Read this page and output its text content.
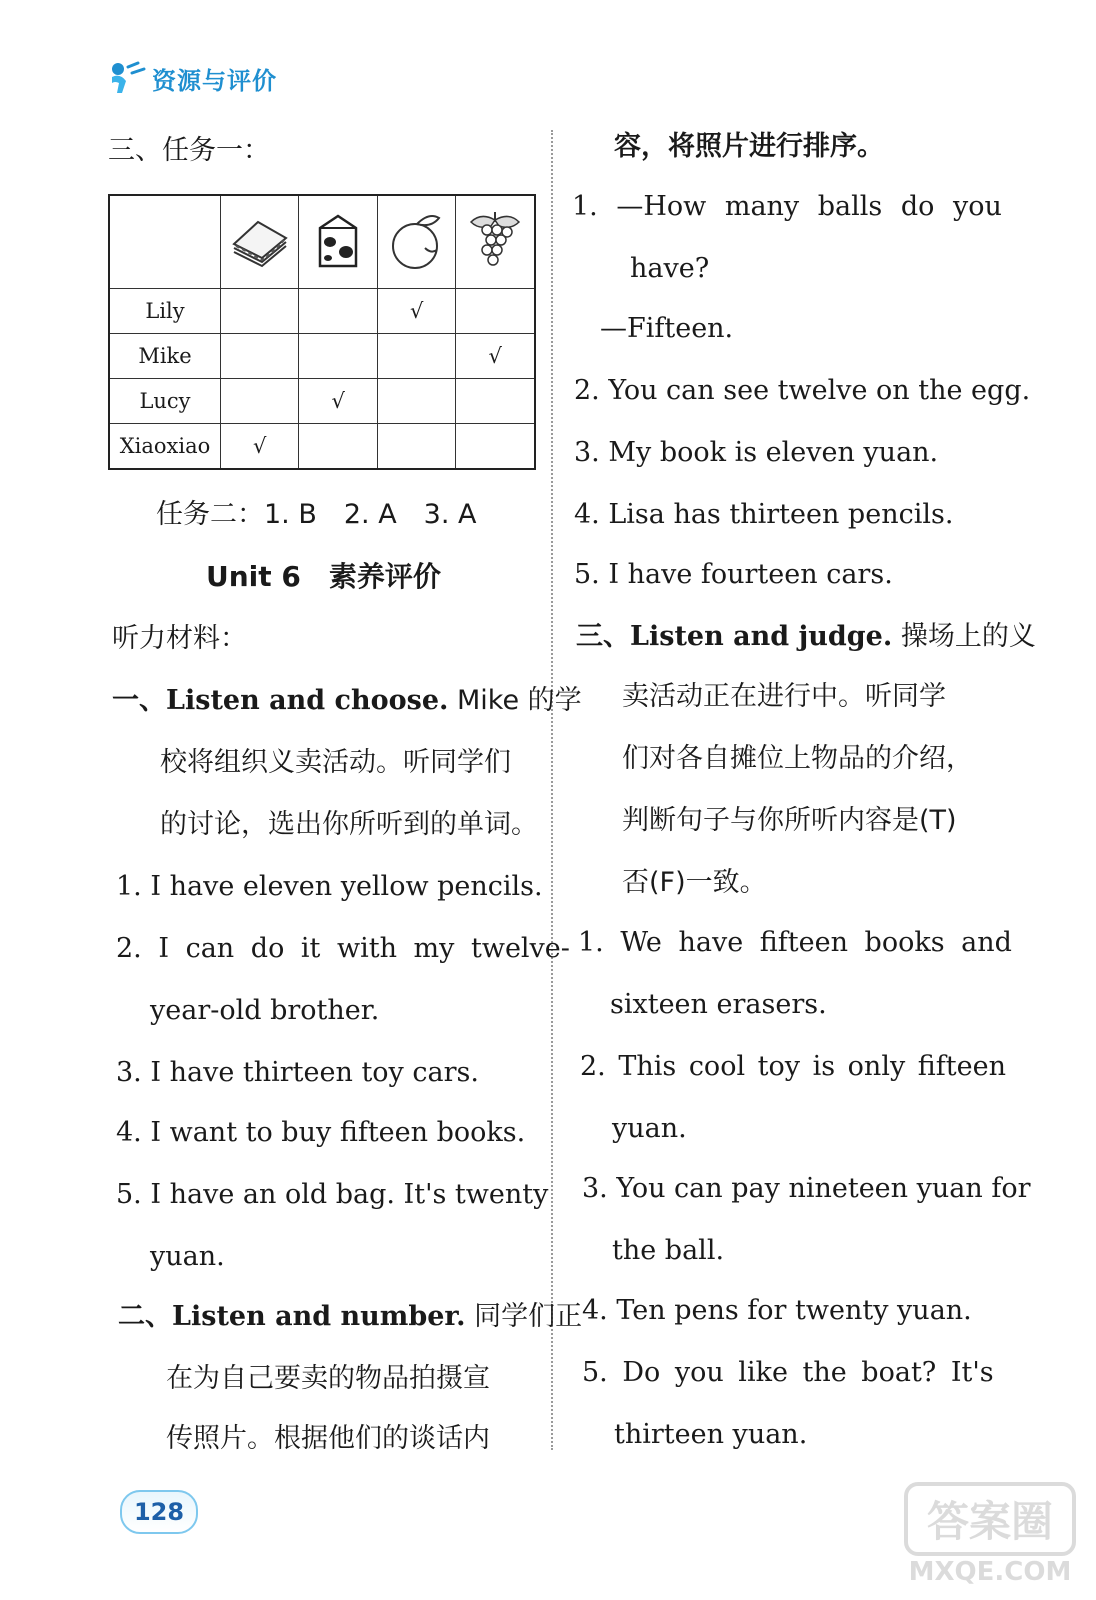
资源与评价
三、任务一：

Lily			√	
Mike				√
Lucy		√		
Xiaoxiao	√			
任务二：1. B　2. A　3. A
Unit 6　素养评价
听力材料：
一、Listen and choose. Mike 的学
校将组织义卖活动。听同学们
的讨论，选出你所听到的单词。
1. I have eleven yellow pencils.
2. I can do it with my twelve-
year-old brother.
3. I have thirteen toy cars.
4. I want to buy fifteen books.
5. I have an old bag. It's twenty
yuan.
二、Listen and number. 同学们正
在为自己要卖的物品拍摄宣
传照片。根据他们的谈话内
容，将照片进行排序。
1. —How many balls do you
have?
—Fifteen.
2. You can see twelve on the egg.
3. My book is eleven yuan.
4. Lisa has thirteen pencils.
5. I have fourteen cars.
三、Listen and judge. 操场上的义
卖活动正在进行中。听同学
们对各自摊位上物品的介绍，
判断句子与你所听内容是(T)
否(F)一致。
1. We have fifteen books and
sixteen erasers.
2. This cool toy is only fifteen
yuan.
3. You can pay nineteen yuan for
the ball.
4. Ten pens for twenty yuan.
5. Do you like the boat? It's
thirteen yuan.
128	答案圈
MXQE.COM
